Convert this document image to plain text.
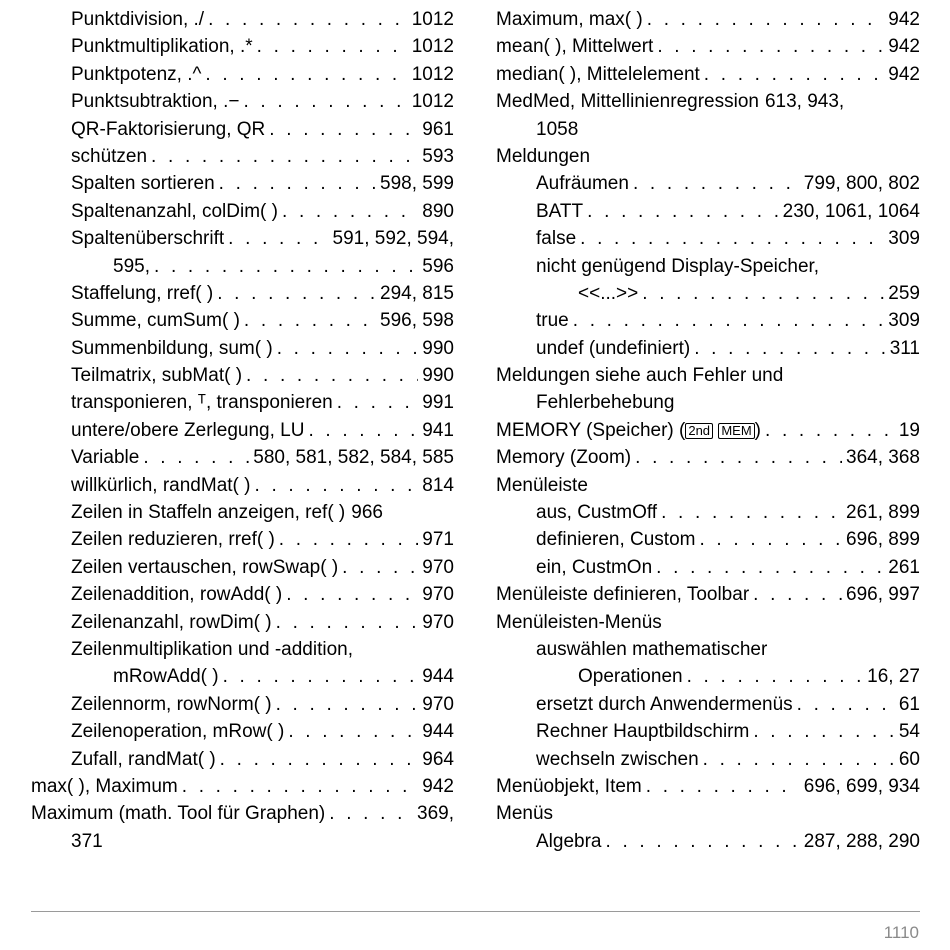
Punktdivision, ./ . . .	1012
Punktmultiplikation, .* . . .	1012
Punktpotenz, .^ . . .	1012
Punktsubtraktion, .− . . .	1012
QR-Faktorisierung, QR . . .	961
schützen . . .	593
Spalten sortieren . . .	598, 599
Spaltenanzahl, colDim( ) . . .	890
Spaltenüberschrift . . .	591, 592, 594,
595, . . .	596
Staffelung, rref( ) . . .	294, 815
Summe, cumSum( ) . . .	596, 598
Summenbildung, sum( ) . . .	990
Teilmatrix, subMat( ) . . .	990
transponieren, ᵀ, transponieren . . .	991
untere/obere Zerlegung, LU . . .	941
Variable . . .	580, 581, 582, 584, 585
willkürlich, randMat( ) . . .	814
Zeilen in Staffeln anzeigen, ref( ) 966
Zeilen reduzieren, rref( ) . . .	971
Zeilen vertauschen, rowSwap( ) . . .	970
Zeilenaddition, rowAdd( ) . . .	970
Zeilenanzahl, rowDim( ) . . .	970
Zeilenmultiplikation und -addition,
mRowAdd( ) . . .	944
Zeilennorm, rowNorm( ) . . .	970
Zeilenoperation, mRow( ) . . .	944
Zufall, randMat( ) . . .	964
max( ), Maximum . . .	942
Maximum (math. Tool für Graphen) . . .	369,
371
Maximum, max( ) . . .	942
mean( ), Mittelwert . . .	942
median( ), Mittelelement . . .	942
MedMed, Mittellinienregression 613, 943,
1058
Meldungen
Aufräumen . . .	799, 800, 802
BATT . . .	230, 1061, 1064
false . . .	309
nicht genügend Display-Speicher,
<<...>> . . .	259
true . . .	309
undef (undefiniert) . . .	311
Meldungen siehe auch Fehler und
Fehlerbehebung
MEMORY (Speicher) ( 2nd MEM ) . . .	19
Memory (Zoom) . . .	364, 368
Menüleiste
aus, CustmOff . . .	261, 899
definieren, Custom . . .	696, 899
ein, CustmOn . . .	261
Menüleiste definieren, Toolbar . . .	696, 997
Menüleisten-Menüs
auswählen mathematischer
Operationen . . .	16, 27
ersetzt durch Anwendermenüs . . .	61
Rechner Hauptbildschirm . . .	54
wechseln zwischen . . .	60
Menüobjekt, Item . . .	696, 699, 934
Menüs
Algebra . . .	287, 288, 290
1110
